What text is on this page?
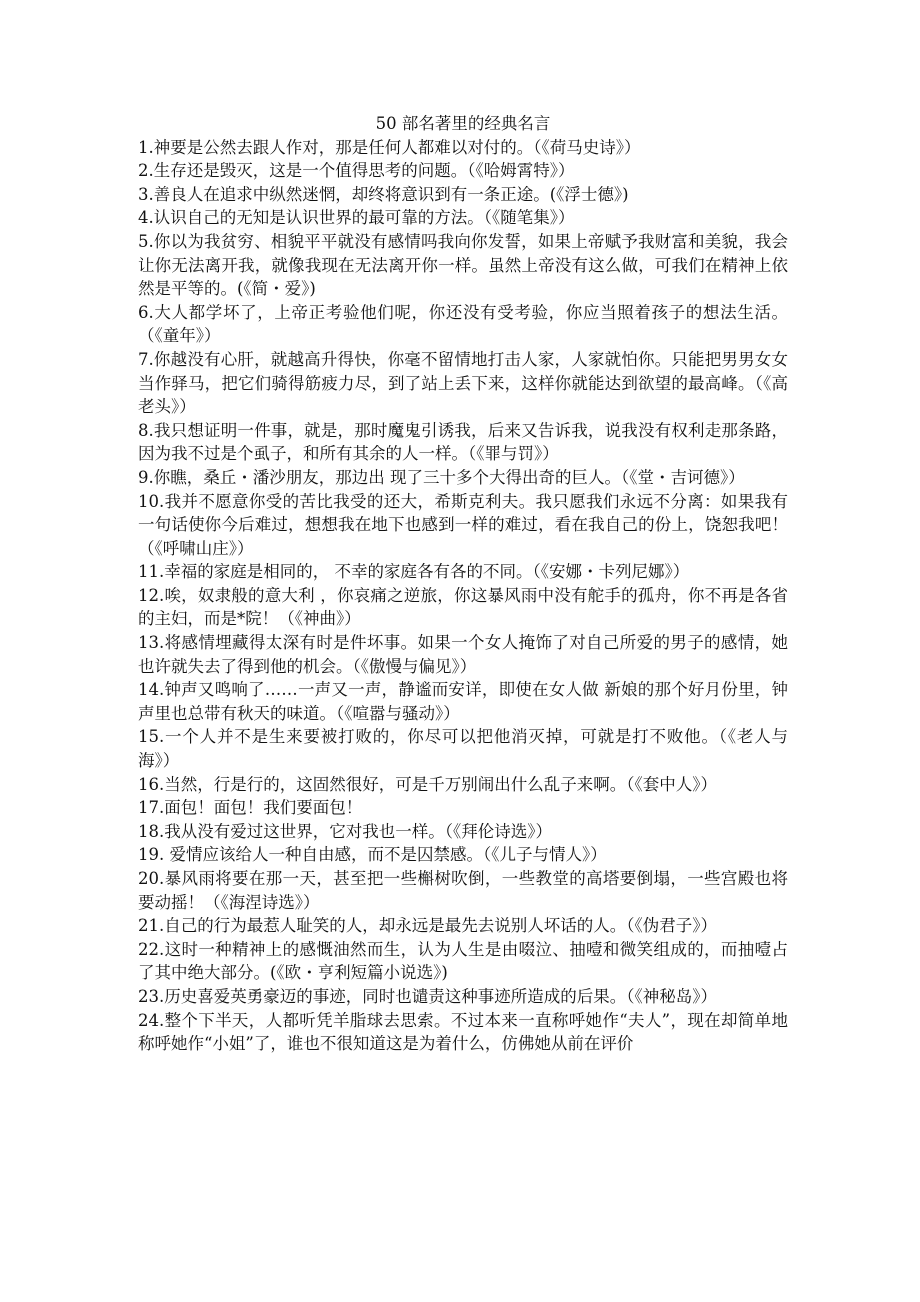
50 部名著里的经典名言

1.神要是公然去跟人作对，那是任何人都难以对付的。（《荷马史诗》）

2.生存还是毁灭，这是一个值得思考的问题。（《哈姆霄特》）

3.善良人在追求中纵然迷惘，却终将意识到有一条正途。(《浮士德》)

4.认识自己的无知是认识世界的最可靠的方法。（《随笔集》）

5.你以为我贫穷、相貌平平就没有感情吗我向你发誓，如果上帝赋予我财富和美貌，我会让你无法离开我，就像我现在无法离开你一样。虽然上帝没有这么做，可我们在精神上依然是平等的。(《简・爱》)

6.大人都学坏了，上帝正考验他们呢，你还没有受考验，你应当照着孩子的想法生活。（《童年》）

7.你越没有心肝，就越高升得快，你毫不留情地打击人家，人家就怕你。只能把男男女女当作驿马，把它们骑得筋疲力尽，到了站上丢下来，这样你就能达到欲望的最高峰。（《高老头》）

8.我只想证明一件事，就是，那时魔鬼引诱我，后来又告诉我，说我没有权利走那条路，因为我不过是个虱子，和所有其余的人一样。（《罪与罚》）

9.你瞧，桑丘・潘沙朋友，那边出 现了三十多个大得出奇的巨人。（《堂・吉诃德》）

10.我并不愿意你受的苦比我受的还大，希斯克利夫。我只愿我们永远不分离：如果我有一句话使你今后难过，想想我在地下也感到一样的难过，看在我自己的份上，饶恕我吧！（《呼啸山庄》）

11.幸福的家庭是相同的， 不幸的家庭各有各的不同。（《安娜・卡列尼娜》）

12.唉，奴隶般的意大利 ，你哀痛之逆旅，你这暴风雨中没有舵手的孤舟，你不再是各省的主妇，而是*院！（《神曲》）

13.将感情埋藏得太深有时是件坏事。如果一个女人掩饰了对自己所爱的男子的感情，她也许就失去了得到他的机会。（《傲慢与偏见》）

14.钟声又鸣响了……一声又一声，静谧而安详，即使在女人做 新娘的那个好月份里，钟声里也总带有秋天的味道。（《喧嚣与骚动》）

15.一个人并不是生来要被打败的，你尽可以把他消灭掉，可就是打不败他。（《老人与海》）

16.当然，行是行的，这固然很好，可是千万别闹出什么乱子来啊。（《套中人》）

17.面包！面包！我们要面包！

18.我从没有爱过这世界，它对我也一样。（《拜伦诗选》）

19. 爱情应该给人一种自由感，而不是囚禁感。（《儿子与情人》）

20.暴风雨将要在那一天，甚至把一些槲树吹倒，一些教堂的高塔要倒塌，一些宫殿也将要动摇！（《海涅诗选》）

21.自己的行为最惹人耻笑的人，却永远是最先去说别人坏话的人。（《伪君子》）

22.这时一种精神上的感慨油然而生，认为人生是由啜泣、抽噎和微笑组成的，而抽噎占了其中绝大部分。(《欧・亨利短篇小说选》)

23.历史喜爱英勇豪迈的事迹，同时也谴责这种事迹所造成的后果。（《神秘岛》）

24.整个下半天，人都听凭羊脂球去思索。不过本来一直称呼她作“夫人”，现在却简单地称呼她作“小姐”了，谁也不很知道这是为着什么，仿佛她从前在评价
